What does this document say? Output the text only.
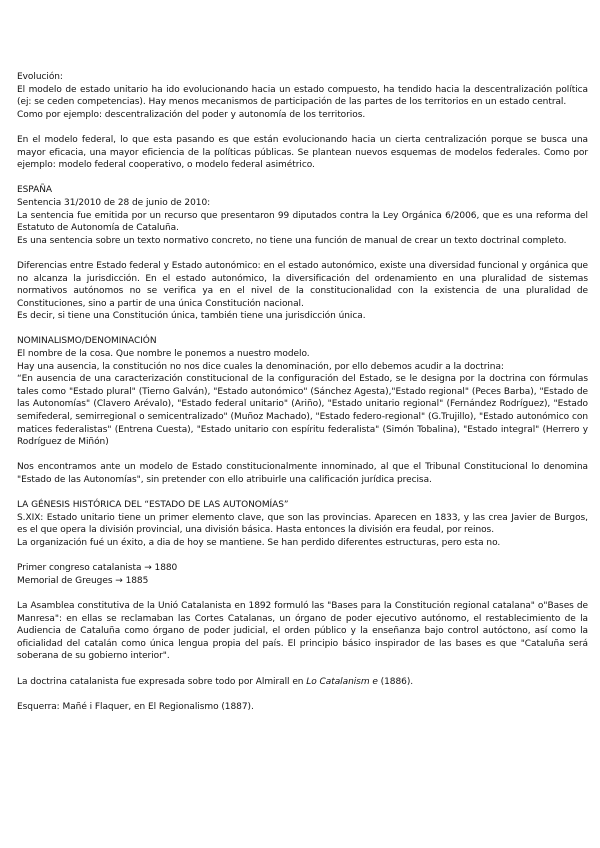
Evolución:

El modelo de estado unitario ha ido evolucionando hacia un estado compuesto, ha tendido hacia la descentralización política (ej: se ceden competencias). Hay menos mecanismos de participación de las partes de los territorios en un estado central.

Como por ejemplo: descentralización del poder y autonomía de los territorios.

En el modelo federal, lo que esta pasando es que están evolucionando hacia un cierta centralización porque se busca una mayor eficacia, una mayor eficiencia de la políticas públicas. Se plantean nuevos esquemas de modelos federales. Como por ejemplo: modelo federal cooperativo, o modelo federal asimétrico.

ESPAÑA

Sentencia 31/2010 de 28 de junio de 2010:

La sentencia fue emitida por un recurso que presentaron 99 diputados contra la Ley Orgánica 6/2006, que es una reforma del Estatuto de Autonomía de Cataluña.

Es una sentencia sobre un texto normativo concreto, no tiene una función de manual de crear un texto doctrinal completo.

Diferencias entre Estado federal y Estado autonómico: en el estado autonómico, existe una diversidad funcional y orgánica que no alcanza la jurisdicción. En el estado autonómico, la diversificación del ordenamiento en una pluralidad de sistemas normativos autónomos no se verifica ya en el nivel de la constitucionalidad con la existencia de una pluralidad de Constituciones, sino a partir de una única Constitución nacional.

Es decir, si tiene una Constitución única, también tiene una jurisdicción única.

NOMINALISMO/DENOMINACIÓN

El nombre de la cosa. Que nombre le ponemos a nuestro modelo.

Hay una ausencia, la constitución no nos dice cuales la denominación, por ello debemos acudir a la doctrina:

“En ausencia de una caracterización constitucional de la configuración del Estado, se le designa por la doctrina con fórmulas tales como "Estado plural" (Tierno Galván), "Estado autonómico" (Sánchez Agesta),"Estado regional" (Peces Barba), "Estado de las Autonomías" (Clavero Arévalo), "Estado federal unitario" (Ariño), "Estado unitario regional" (Fernández Rodríguez), "Estado semifederal, semirregional o semicentralizado" (Muñoz Machado), "Estado federo-regional" (G.Trujillo), "Estado autonómico con matices federalistas" (Entrena Cuesta), "Estado unitario con espíritu federalista" (Simón Tobalina), "Estado integral" (Herrero y Rodríguez de Miñón)

Nos encontramos ante un modelo de Estado constitucionalmente innominado, al que el Tribunal Constitucional lo denomina "Estado de las Autonomías", sin pretender con ello atribuirle una calificación jurídica precisa.

LA GÉNESIS HISTÓRICA DEL “ESTADO DE LAS AUTONOMÍAS”

S.XIX: Estado unitario tiene un primer elemento clave, que son las provincias. Aparecen en 1833, y las crea Javier de Burgos, es el que opera la división provincial, una división básica. Hasta entonces la división era feudal, por reinos.

La organización fué un éxito, a dia de hoy se mantiene. Se han perdido diferentes estructuras, pero esta no.

Primer congreso catalanista → 1880

Memorial de Greuges → 1885

La Asamblea constitutiva de la Unió Catalanista en 1892 formuló las "Bases para la Constitución regional catalana" o"Bases de Manresa": en ellas se reclamaban las Cortes Catalanas, un órgano de poder ejecutivo autónomo, el restablecimiento de la Audiencia de Cataluña como órgano de poder judicial, el orden público y la enseñanza bajo control autóctono, así como la oficialidad del catalán como única lengua propia del país. El principio básico inspirador de las bases es que "Cataluña será soberana de su gobierno interior".

La doctrina catalanista fue expresada sobre todo por Almirall en Lo Catalanism e (1886).

Esquerra: Mañé i Flaquer, en El Regionalismo (1887).
